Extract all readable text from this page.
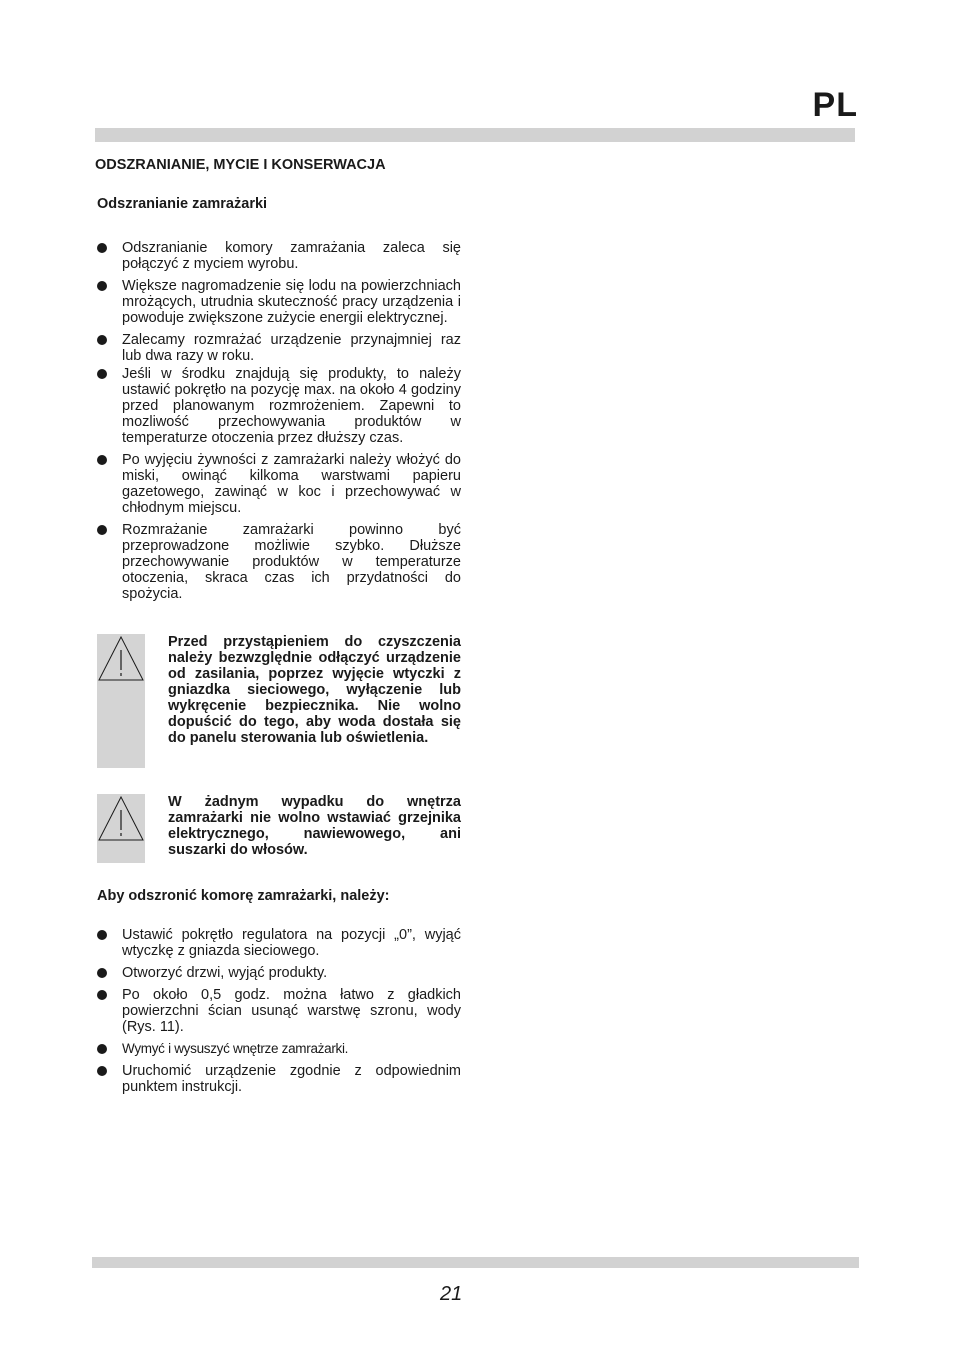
PL
ODSZRANIANIE, MYCIE I KONSERWACJA
Odszranianie zamrażarki
Odszranianie komory zamrażania zaleca się połączyć z myciem wyrobu.
Większe nagromadzenie się lodu na powierzchniach mrożących, utrudnia skuteczność pracy urządzenia i powoduje zwiększone zużycie energii elektrycznej.
Zalecamy rozmrażać urządzenie przynajmniej raz lub dwa razy w roku.
Jeśli w środku znajdują się produkty, to należy ustawić pokrętło na pozycję max. na około 4 godziny przed planowanym rozmrożeniem. Zapewni to mozliwość przechowywania produktów w temperaturze otoczenia przez dłuższy czas.
Po wyjęciu żywności z zamrażarki należy włożyć do miski, owinąć kilkoma warstwami papieru gazetowego, zawinąć w koc i przechowywać w chłodnym miejscu.
Rozmrażanie zamrażarki powinno być przeprowadzone możliwie szybko. Dłuższe przechowywanie produktów w temperaturze otoczenia, skraca czas ich przydatności do spożycia.
Przed przystąpieniem do czyszczenia należy bezwzględnie odłączyć urządzenie od zasilania, poprzez wyjęcie wtyczki z gniazdka sieciowego, wyłączenie lub wykręcenie bezpiecznika. Nie wolno dopuścić do tego, aby woda dostała się do panelu sterowania lub oświetlenia.
W żadnym wypadku do wnętrza zamrażarki nie wolno wstawiać grzejnika elektrycznego, nawiewowego, ani suszarki do włosów.
Aby odszronić komorę zamrażarki, należy:
Ustawić pokrętło regulatora na pozycji „0”, wyjąć wtyczkę z gniazda sieciowego.
Otworzyć drzwi, wyjąć produkty.
Po około 0,5 godz. można łatwo z gładkich powierzchni ścian usunąć warstwę szronu, wody (Rys. 11).
Wymyć i wysuszyć wnętrze zamrażarki.
Uruchomić urządzenie zgodnie z odpowiednim punktem instrukcji.
21
